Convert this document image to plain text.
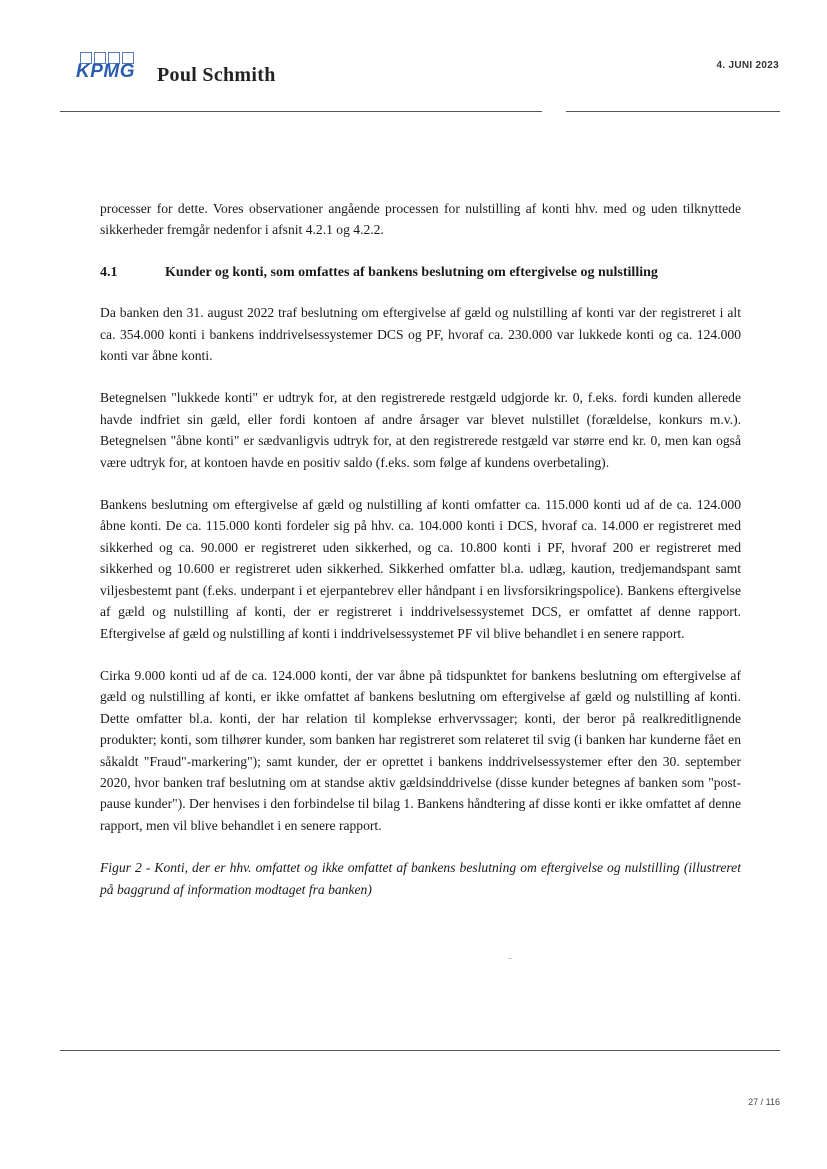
KPMG Poul Schmith	4. JUNI 2023

processer for dette. Vores observationer angående processen for nulstilling af konti hhv. med og uden tilknyttede sikkerheder fremgår nedenfor i afsnit 4.2.1 og 4.2.2.

4.1	Kunder og konti, som omfattes af bankens beslutning om eftergivelse og nulstilling

Da banken den 31. august 2022 traf beslutning om eftergivelse af gæld og nulstilling af konti var der registreret i alt ca. 354.000 konti i bankens inddrivelsessystemer DCS og PF, hvoraf ca. 230.000 var lukkede konti og ca. 124.000 konti var åbne konti.

Betegnelsen "lukkede konti" er udtryk for, at den registrerede restgæld udgjorde kr. 0, f.eks. fordi kunden allerede havde indfriet sin gæld, eller fordi kontoen af andre årsager var blevet nulstillet (forældelse, konkurs m.v.). Betegnelsen "åbne konti" er sædvanligvis udtryk for, at den registrerede restgæld var større end kr. 0, men kan også være udtryk for, at kontoen havde en positiv saldo (f.eks. som følge af kundens overbetaling).

Bankens beslutning om eftergivelse af gæld og nulstilling af konti omfatter ca. 115.000 konti ud af de ca. 124.000 åbne konti. De ca. 115.000 konti fordeler sig på hhv. ca. 104.000 konti i DCS, hvoraf ca. 14.000 er registreret med sikkerhed og ca. 90.000 er registreret uden sikkerhed, og ca. 10.800 konti i PF, hvoraf 200 er registreret med sikkerhed og 10.600 er registreret uden sikkerhed. Sikkerhed omfatter bl.a. udlæg, kaution, tredjemandspant samt viljesbestemt pant (f.eks. underpant i et ejerpantebrev eller håndpant i en livsforsikringspolice). Bankens eftergivelse af gæld og nulstilling af konti, der er registreret i inddrivelsessystemet DCS, er omfattet af denne rapport. Eftergivelse af gæld og nulstilling af konti i inddrivelsessystemet PF vil blive behandlet i en senere rapport.

Cirka 9.000 konti ud af de ca. 124.000 konti, der var åbne på tidspunktet for bankens beslutning om eftergivelse af gæld og nulstilling af konti, er ikke omfattet af bankens beslutning om eftergivelse af gæld og nulstilling af konti. Dette omfatter bl.a. konti, der har relation til komplekse erhvervssager; konti, der beror på realkreditlignende produkter; konti, som tilhører kunder, som banken har registreret som relateret til svig (i banken har kunderne fået en såkaldt "Fraud"-markering"); samt kunder, der er oprettet i bankens inddrivelsessystemer efter den 30. september 2020, hvor banken traf beslutning om at standse aktiv gældsinddrivelse (disse kunder betegnes af banken som "post-pause kunder"). Der henvises i den forbindelse til bilag 1. Bankens håndtering af disse konti er ikke omfattet af denne rapport, men vil blive behandlet i en senere rapport.

Figur 2 - Konti, der er hhv. omfattet og ikke omfattet af bankens beslutning om eftergivelse og nulstilling (illustreret på baggrund af information modtaget fra banken)

27 / 116
